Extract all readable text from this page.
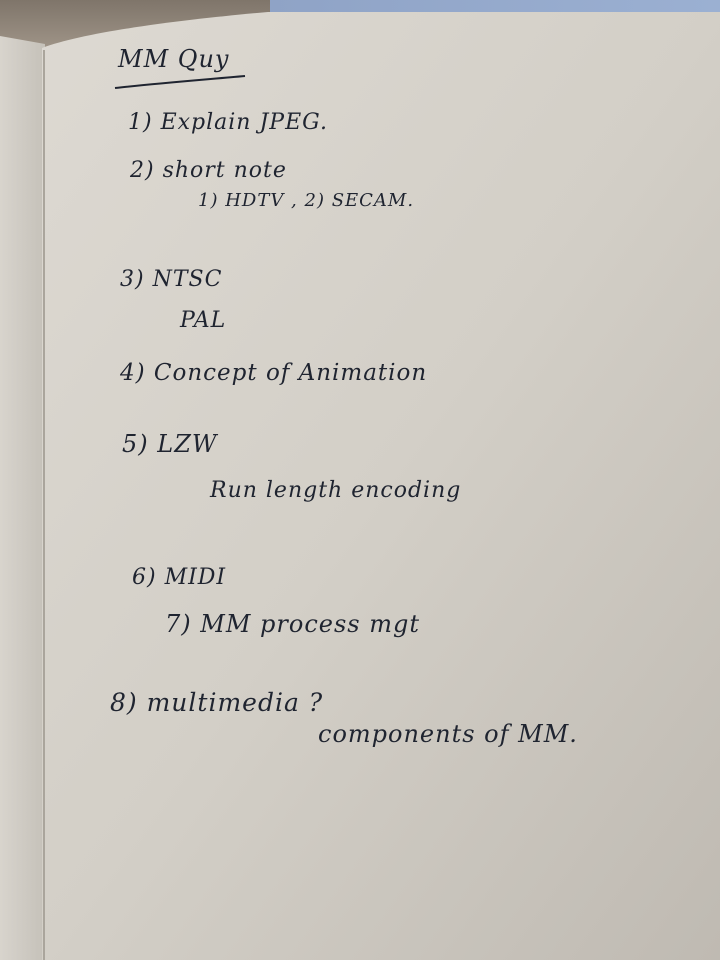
MM Quy
1) Explain JPEG.
2) short note
1) HDTV , 2) SECAM.
3) NTSC
PAL
4) Concept of Animation
5) LZW
Run length encoding
6) MIDI
7) MM process mgt
8) multimedia ?
components of MM.
